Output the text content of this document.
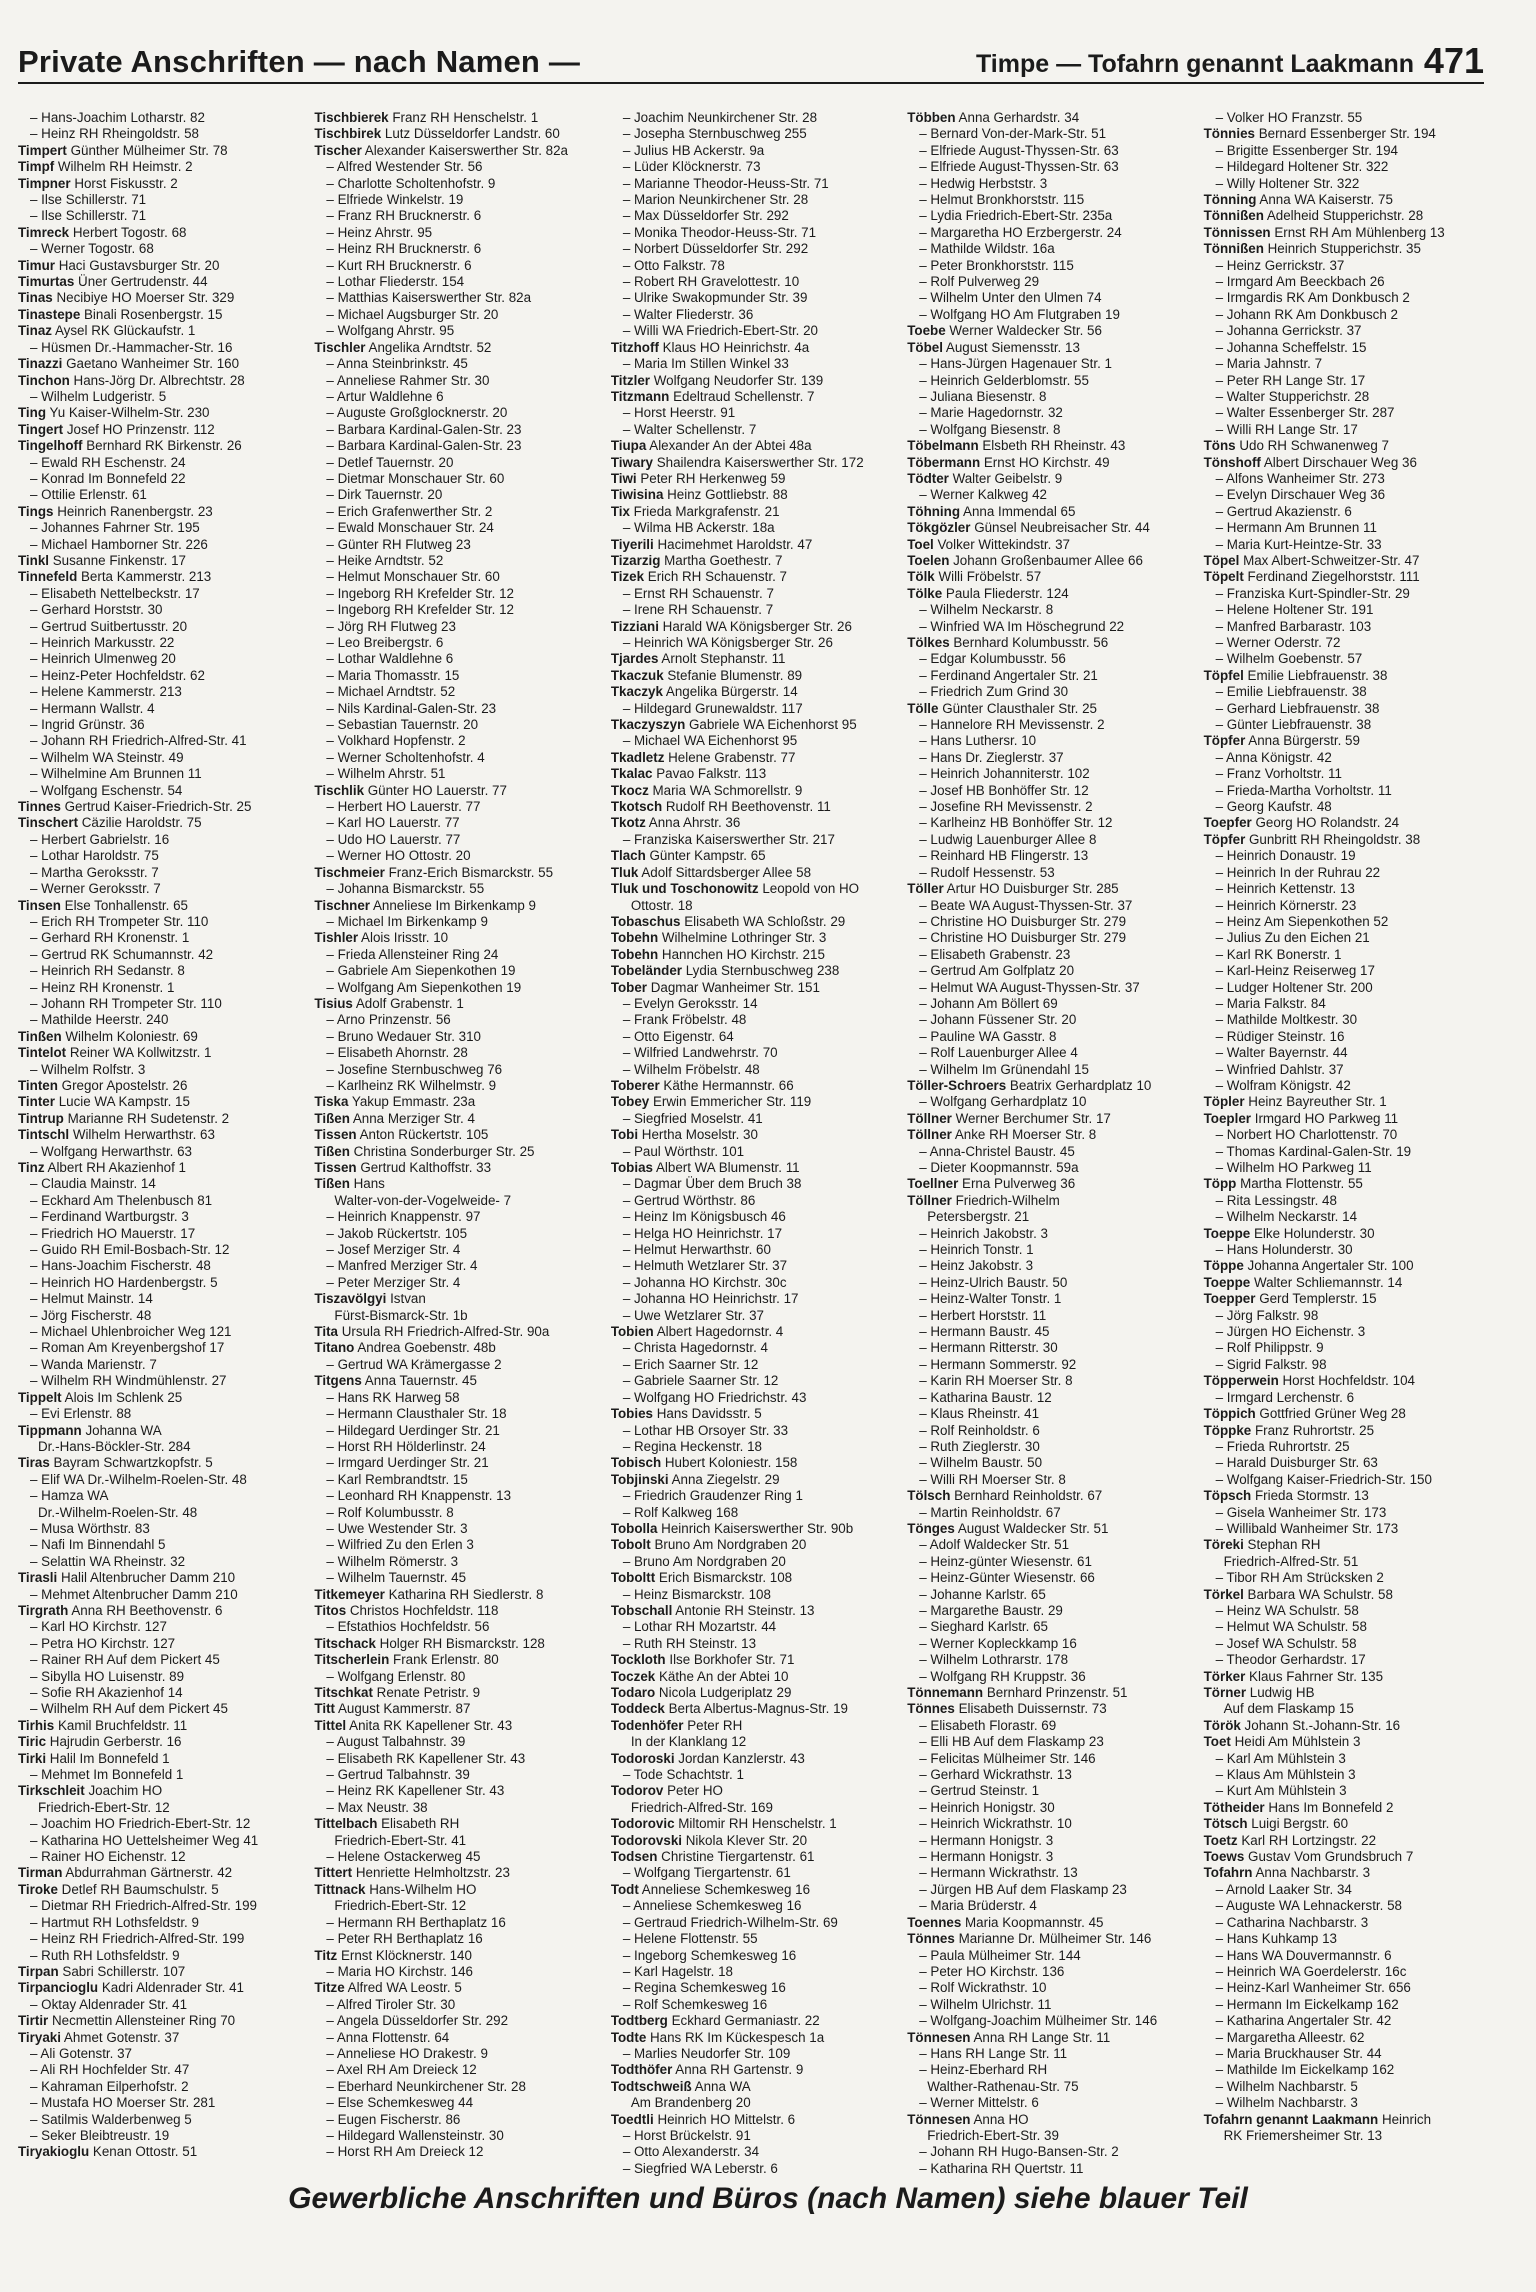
Private Anschriften — nach Namen —	Timpe — Tofahrn genannt Laakmann 471
– Hans-Joachim Lotharstr. 82
– Heinz RH Rheingoldstr. 58
Timpert Günther Mülheimer Str. 78
Timpf Wilhelm RH Heimstr. 2
Timpner Horst Fiskusstr. 2
– Ilse Schillerstr. 71
– Ilse Schillerstr. 71
Timreck Herbert Togostr. 68
– Werner Togostr. 68
Timur Haci Gustavsburger Str. 20
Timurtas Üner Gertrudenstr. 44
Tinas Necibiye HO Moerser Str. 329
Tinastepe Binali Rosenbergstr. 15
Tinaz Aysel RK Glückaufstr. 1
– Hüsmen Dr.-Hammacher-Str. 16
Tinazzi Gaetano Wanheimer Str. 160
Tinchon Hans-Jörg Dr. Albrechtstr. 28
– Wilhelm Ludgeristr. 5
Ting Yu Kaiser-Wilhelm-Str. 230
Tingert Josef HO Prinzenstr. 112
Tingelhoff Bernhard RK Birkenstr. 26
– Ewald RH Eschenstr. 24
– Konrad Im Bonnefeld 22
– Ottilie Erlenstr. 61
Tings Heinrich Ranenbergstr. 23
– Johannes Fahrner Str. 195
– Michael Hamborner Str. 226
Tinkl Susanne Finkenstr. 17
Tinnefeld Berta Kammerstr. 213
– Elisabeth Nettelbeckstr. 17
– Gerhard Horststr. 30
– Gertrud Suitbertusstr. 20
– Heinrich Markusstr. 22
– Heinrich Ulmenweg 20
– Heinz-Peter Hochfeldstr. 62
– Helene Kammerstr. 213
– Hermann Wallstr. 4
– Ingrid Grünstr. 36
– Johann RH Friedrich-Alfred-Str. 41
– Wilhelm WA Steinstr. 49
– Wilhelmine Am Brunnen 11
– Wolfgang Eschenstr. 54
Tinnes Gertrud Kaiser-Friedrich-Str. 25
Tinschert Cäzilie Haroldstr. 75
– Herbert Gabrielstr. 16
– Lothar Haroldstr. 75
– Martha Geroksstr. 7
– Werner Geroksstr. 7
Tinsen Else Tonhallenstr. 65
– Erich RH Trompeter Str. 110
– Gerhard RH Kronenstr. 1
– Gertrud RK Schumannstr. 42
– Heinrich RH Sedanstr. 8
– Heinz RH Kronenstr. 1
– Johann RH Trompeter Str. 110
– Mathilde Heerstr. 240
Tinßen Wilhelm Koloniestr. 69
Tintelot Reiner WA Kollwitzstr. 1
– Wilhelm Rolfstr. 3
Tinten Gregor Apostelstr. 26
Tinter Lucie WA Kampstr. 15
Tintrup Marianne RH Sudetenstr. 2
Tintschl Wilhelm Herwarthstr. 63
– Wolfgang Herwarthstr. 63
Tinz Albert RH Akazienhof 1
– Claudia Mainstr. 14
– Eckhard Am Thelenbusch 81
– Ferdinand Wartburgstr. 3
– Friedrich HO Mauerstr. 17
– Guido RH Emil-Bosbach-Str. 12
– Hans-Joachim Fischerstr. 48
– Heinrich HO Hardenbergstr. 5
– Helmut Mainstr. 14
– Jörg Fischerstr. 48
– Michael Uhlenbroicher Weg 121
– Roman Am Kreyenbergshof 17
– Wanda Marienstr. 7
– Wilhelm RH Windmühlenstr. 27
Tippelt Alois Im Schlenk 25
– Evi Erlenstr. 88
Tippmann Johanna WA
Dr.-Hans-Böckler-Str. 284
Tiras Bayram Schwartzkopfstr. 5
– Elif WA Dr.-Wilhelm-Roelen-Str. 48
– Hamza WA
Dr.-Wilhelm-Roelen-Str. 48
– Musa Wörthstr. 83
– Nafi Im Binnendahl 5
– Selattin WA Rheinstr. 32
Tirasli Halil Altenbrucher Damm 210
– Mehmet Altenbrucher Damm 210
Tirgrath Anna RH Beethovenstr. 6
– Karl HO Kirchstr. 127
– Petra HO Kirchstr. 127
– Rainer RH Auf dem Pickert 45
– Sibylla HO Luisenstr. 89
– Sofie RH Akazienhof 14
– Wilhelm RH Auf dem Pickert 45
Tirhis Kamil Bruchfeldstr. 11
Tiric Hajrudin Gerberstr. 16
Tirki Halil Im Bonnefeld 1
– Mehmet Im Bonnefeld 1
Tirkschleit Joachim HO
Friedrich-Ebert-Str. 12
– Joachim HO Friedrich-Ebert-Str. 12
– Katharina HO Uettelsheimer Weg 41
– Rainer HO Eichenstr. 12
Tirman Abdurrahman Gärtnerstr. 42
Tiroke Detlef RH Baumschulstr. 5
– Dietmar RH Friedrich-Alfred-Str. 199
– Hartmut RH Lothsfeldstr. 9
– Heinz RH Friedrich-Alfred-Str. 199
– Ruth RH Lothsfeldstr. 9
Tirpan Sabri Schillerstr. 107
Tirpancioglu Kadri Aldenrader Str. 41
– Oktay Aldenrader Str. 41
Tirtir Necmettin Allensteiner Ring 70
Tiryaki Ahmet Gotenstr. 37
– Ali Gotenstr. 37
– Ali RH Hochfelder Str. 47
– Kahraman Eilperhofstr. 2
– Mustafa HO Moerser Str. 281
– Satilmis Walderbenweg 5
– Seker Bleibtreustr. 19
Tiryakioglu Kenan Ottostr. 51
Tischbierek Franz RH Henschelstr. 1
Tischbirek Lutz Düsseldorfer Landstr. 60
Tischer Alexander Kaiserswerther Str. 82a
– Alfred Westender Str. 56
– Charlotte Scholtenhofstr. 9
– Elfriede Winkelstr. 19
– Franz RH Brucknerstr. 6
– Heinz Ahrstr. 95
– Heinz RH Brucknerstr. 6
– Kurt RH Brucknerstr. 6
– Lothar Fliederstr. 154
– Matthias Kaiserswerther Str. 82a
– Michael Augsburger Str. 20
– Wolfgang Ahrstr. 95
Tischler Angelika Arndtstr. 52
– Anna Steinbrinkstr. 45
– Anneliese Rahmer Str. 30
– Artur Waldlehne 6
– Auguste Großglocknerstr. 20
– Barbara Kardinal-Galen-Str. 23
– Barbara Kardinal-Galen-Str. 23
– Detlef Tauernstr. 20
– Dietmar Monschauer Str. 60
– Dirk Tauernstr. 20
– Erich Grafenwerther Str. 2
– Ewald Monschauer Str. 24
– Günter RH Flutweg 23
– Heike Arndtstr. 52
– Helmut Monschauer Str. 60
– Ingeborg RH Krefelder Str. 12
– Ingeborg RH Krefelder Str. 12
– Jörg RH Flutweg 23
– Leo Breibergstr. 6
– Lothar Waldlehne 6
– Maria Thomasstr. 15
– Michael Arndtstr. 52
– Nils Kardinal-Galen-Str. 23
– Sebastian Tauernstr. 20
– Volkhard Hopfenstr. 2
– Werner Scholtenhofstr. 4
– Wilhelm Ahrstr. 51
Tischlik Günter HO Lauerstr. 77
– Herbert HO Lauerstr. 77
– Karl HO Lauerstr. 77
– Udo HO Lauerstr. 77
– Werner HO Ottostr. 20
Tischmeier Franz-Erich Bismarckstr. 55
– Johanna Bismarckstr. 55
Tischner Anneliese Im Birkenkamp 9
– Michael Im Birkenkamp 9
Tishler Alois Irisstr. 10
– Frieda Allensteiner Ring 24
– Gabriele Am Siepenkothen 19
– Wolfgang Am Siepenkothen 19
Tisius Adolf Grabenstr. 1
– Arno Prinzenstr. 56
– Bruno Wedauer Str. 310
– Elisabeth Ahornstr. 28
– Josefine Sternbuschweg 76
– Karlheinz RK Wilhelmstr. 9
Tiska Yakup Emmastr. 23a
Tißen Anna Merziger Str. 4
Tissen Anton Rückertstr. 105
Tißen Christina Sonderburger Str. 25
Tissen Gertrud Kalthoffstr. 33
Tißen Hans
Walter-von-der-Vogelweide- 7
– Heinrich Knappenstr. 97
– Jakob Rückertstr. 105
– Josef Merziger Str. 4
– Manfred Merziger Str. 4
– Peter Merziger Str. 4
Tiszavölgyi Istvan
Fürst-Bismarck-Str. 1b
Tita Ursula RH Friedrich-Alfred-Str. 90a
Titano Andrea Goebenstr. 48b
– Gertrud WA Krämergasse 2
Titgens Anna Tauernstr. 45
– Hans RK Harweg 58
– Hermann Clausthaler Str. 18
– Hildegard Uerdinger Str. 21
– Horst RH Hölderlinstr. 24
– Irmgard Uerdinger Str. 21
– Karl Rembrandtstr. 15
– Leonhard RH Knappenstr. 13
– Rolf Kolumbusstr. 8
– Uwe Westender Str. 3
– Wilfried Zu den Erlen 3
– Wilhelm Römerstr. 3
– Wilhelm Tauernstr. 45
Titkemeyer Katharina RH Siedlerstr. 8
Titos Christos Hochfeldstr. 118
– Efstathios Hochfeldstr. 56
Titschack Holger RH Bismarckstr. 128
Titscherlein Frank Erlenstr. 80
– Wolfgang Erlenstr. 80
Titschkat Renate Petristr. 9
Titt August Kammerstr. 87
Tittel Anita RK Kapellener Str. 43
– August Talbahnstr. 39
– Elisabeth RK Kapellener Str. 43
– Gertrud Talbahnstr. 39
– Heinz RK Kapellener Str. 43
– Max Neustr. 38
Tittelbach Elisabeth RH
Friedrich-Ebert-Str. 41
– Helene Ostackerweg 45
Tittert Henriette Helmholtzstr. 23
Tittnack Hans-Wilhelm HO
Friedrich-Ebert-Str. 12
– Hermann RH Berthaplatz 16
– Peter RH Berthaplatz 16
Titz Ernst Klöcknerstr. 140
– Maria HO Kirchstr. 146
Titze Alfred WA Leostr. 5
– Alfred Tiroler Str. 30
– Angela Düsseldorfer Str. 292
– Anna Flottenstr. 64
– Anneliese HO Drakestr. 9
– Axel RH Am Dreieck 12
– Eberhard Neunkirchener Str. 28
– Else Schemkesweg 44
– Eugen Fischerstr. 86
– Hildegard Wallensteinstr. 30
– Horst RH Am Dreieck 12
– Joachim Neunkirchener Str. 28
– Josepha Sternbuschweg 255
– Julius HB Ackerstr. 9a
– Lüder Klöcknerstr. 73
– Marianne Theodor-Heuss-Str. 71
– Marion Neunkirchener Str. 28
– Max Düsseldorfer Str. 292
– Monika Theodor-Heuss-Str. 71
– Norbert Düsseldorfer Str. 292
– Otto Falkstr. 78
– Robert RH Gravelottestr. 10
– Ulrike Swakopmunder Str. 39
– Walter Fliederstr. 36
– Willi WA Friedrich-Ebert-Str. 20
Titzhoff Klaus HO Heinrichstr. 4a
– Maria Im Stillen Winkel 33
Titzler Wolfgang Neudorfer Str. 139
Titzmann Edeltraud Schellenstr. 7
– Horst Heerstr. 91
– Walter Schellenstr. 7
Tiupa Alexander An der Abtei 48a
Tiwary Shailendra Kaiserswerther Str. 172
Tiwi Peter RH Herkenweg 59
Tiwisina Heinz Gottliebstr. 88
Tix Frieda Markgrafenstr. 21
– Wilma HB Ackerstr. 18a
Tiyerili Hacimehmet Haroldstr. 47
Tizarzig Martha Goethestr. 7
Tizek Erich RH Schauenstr. 7
– Ernst RH Schauenstr. 7
– Irene RH Schauenstr. 7
Tizziani Harald WA Königsberger Str. 26
– Heinrich WA Königsberger Str. 26
Tjardes Arnolt Stephanstr. 11
Tkaczuk Stefanie Blumenstr. 89
Tkaczyk Angelika Bürgerstr. 14
– Hildegard Grunewaldstr. 117
Tkaczyszyn Gabriele WA Eichenhorst 95
– Michael WA Eichenhorst 95
Tkadletz Helene Grabenstr. 77
Tkalac Pavao Falkstr. 113
Tkocz Maria WA Schmorellstr. 9
Tkotsch Rudolf RH Beethovenstr. 11
Tkotz Anna Ahrstr. 36
– Franziska Kaiserswerther Str. 217
Tlach Günter Kampstr. 65
Tluk Adolf Sittardsberger Allee 58
Tluk und Toschonowitz Leopold von HO
Ottostr. 18
Tobaschus Elisabeth WA Schloßstr. 29
Tobehn Wilhelmine Lothringer Str. 3
Tobehn Hannchen HO Kirchstr. 215
Tobeländer Lydia Sternbuschweg 238
Tober Dagmar Wanheimer Str. 151
– Evelyn Geroksstr. 14
– Frank Fröbelstr. 48
– Otto Eigenstr. 64
– Wilfried Landwehrstr. 70
– Wilhelm Fröbelstr. 48
Toberer Käthe Hermannstr. 66
Tobey Erwin Emmericher Str. 119
– Siegfried Moselstr. 41
Tobi Hertha Moselstr. 30
– Paul Wörthstr. 101
Tobias Albert WA Blumenstr. 11
– Dagmar Über dem Bruch 38
– Gertrud Wörthstr. 86
– Heinz Im Königsbusch 46
– Helga HO Heinrichstr. 17
– Helmut Herwarthstr. 60
– Helmuth Wetzlarer Str. 37
– Johanna HO Kirchstr. 30c
– Johanna HO Heinrichstr. 17
– Uwe Wetzlarer Str. 37
Tobien Albert Hagedornstr. 4
– Christa Hagedornstr. 4
– Erich Saarner Str. 12
– Gabriele Saarner Str. 12
– Wolfgang HO Friedrichstr. 43
Tobies Hans Davidsstr. 5
– Lothar HB Orsoyer Str. 33
– Regina Heckenstr. 18
Tobisch Hubert Koloniestr. 158
Tobjinski Anna Ziegelstr. 29
– Friedrich Graudenzer Ring 1
– Rolf Kalkweg 168
Tobolla Heinrich Kaiserswerther Str. 90b
Tobolt Bruno Am Nordgraben 20
– Bruno Am Nordgraben 20
Toboltt Erich Bismarckstr. 108
– Heinz Bismarckstr. 108
Tobschall Antonie RH Steinstr. 13
– Lothar RH Mozartstr. 44
– Ruth RH Steinstr. 13
Tockloth Ilse Borkhofer Str. 71
Toczek Käthe An der Abtei 10
Todaro Nicola Ludgeriplatz 29
Toddeck Berta Albertus-Magnus-Str. 19
Todenhöfer Peter RH
In der Klanklang 12
Todoroski Jordan Kanzlerstr. 43
– Tode Schachtstr. 1
Todorov Peter HO
Friedrich-Alfred-Str. 169
Todorovic Miltomir RH Henschelstr. 1
Todorovski Nikola Klever Str. 20
Todsen Christine Tiergartenstr. 61
– Wolfgang Tiergartenstr. 61
Todt Anneliese Schemkesweg 16
– Anneliese Schemkesweg 16
– Gertraud Friedrich-Wilhelm-Str. 69
– Helene Flottenstr. 55
– Ingeborg Schemkesweg 16
– Karl Hagelstr. 18
– Regina Schemkesweg 16
– Rolf Schemkesweg 16
Todtberg Eckhard Germaniastr. 22
Todte Hans RK Im Kückespesch 1a
– Marlies Neudorfer Str. 109
Todthöfer Anna RH Gartenstr. 9
Todtschweiß Anna WA
Am Brandenberg 20
Toedtli Heinrich HO Mittelstr. 6
– Horst Brückelstr. 91
– Otto Alexanderstr. 34
– Siegfried WA Leberstr. 6
Többen Anna Gerhardstr. 34
– Bernard Von-der-Mark-Str. 51
– Elfriede August-Thyssen-Str. 63
– Elfriede August-Thyssen-Str. 63
– Hedwig Herbststr. 3
– Helmut Bronkhorststr. 115
– Lydia Friedrich-Ebert-Str. 235a
– Margaretha HO Erzbergerstr. 24
– Mathilde Wildstr. 16a
– Peter Bronkhorststr. 115
– Rolf Pulverweg 29
– Wilhelm Unter den Ulmen 74
– Wolfgang HO Am Flutgraben 19
Toebe Werner Waldecker Str. 56
Töbel August Siemensstr. 13
– Hans-Jürgen Hagenauer Str. 1
– Heinrich Gelderblomstr. 55
– Juliana Biesenstr. 8
– Marie Hagedornstr. 32
– Wolfgang Biesenstr. 8
Töbelmann Elsbeth RH Rheinstr. 43
Töbermann Ernst HO Kirchstr. 49
Tödter Walter Geibelstr. 9
– Werner Kalkweg 42
Töhning Anna Immendal 65
Tökgözler Günsel Neubreisacher Str. 44
Toel Volker Wittekindstr. 37
Toelen Johann Großenbaumer Allee 66
Tölk Willi Fröbelstr. 57
Tölke Paula Fliederstr. 124
– Wilhelm Neckarstr. 8
– Winfried WA Im Höschegrund 22
Tölkes Bernhard Kolumbusstr. 56
– Edgar Kolumbusstr. 56
– Ferdinand Angertaler Str. 21
– Friedrich Zum Grind 30
Tölle Günter Clausthaler Str. 25
– Hannelore RH Mevissenstr. 2
– Hans Luthersr. 10
– Hans Dr. Zieglerstr. 37
– Heinrich Johanniterstr. 102
– Josef HB Bonhöffer Str. 12
– Josefine RH Mevissenstr. 2
– Karlheinz HB Bonhöffer Str. 12
– Ludwig Lauenburger Allee 8
– Reinhard HB Flingerstr. 13
– Rudolf Hessenstr. 53
Töller Artur HO Duisburger Str. 285
– Beate WA August-Thyssen-Str. 37
– Christine HO Duisburger Str. 279
– Christine HO Duisburger Str. 279
– Elisabeth Grabenstr. 23
– Gertrud Am Golfplatz 20
– Helmut WA August-Thyssen-Str. 37
– Johann Am Böllert 69
– Johann Füssener Str. 20
– Pauline WA Gasstr. 8
– Rolf Lauenburger Allee 4
– Wilhelm Im Grünendahl 15
Töller-Schroers Beatrix Gerhardplatz 10
– Wolfgang Gerhardplatz 10
Töllner Werner Berchumer Str. 17
Töllner Anke RH Moerser Str. 8
– Anna-Christel Baustr. 45
– Dieter Koopmannstr. 59a
Toellner Erna Pulverweg 36
Töllner Friedrich-Wilhelm
Petersbergstr. 21
– Heinrich Jakobstr. 3
– Heinrich Tonstr. 1
– Heinz Jakobstr. 3
– Heinz-Ulrich Baustr. 50
– Heinz-Walter Tonstr. 1
– Herbert Horststr. 11
– Hermann Baustr. 45
– Hermann Ritterstr. 30
– Hermann Sommerstr. 92
– Karin RH Moerser Str. 8
– Katharina Baustr. 12
– Klaus Rheinstr. 41
– Rolf Reinholdstr. 6
– Ruth Zieglerstr. 30
– Wilhelm Baustr. 50
– Willi RH Moerser Str. 8
Tölsch Bernhard Reinholdstr. 67
– Martin Reinholdstr. 67
Tönges August Waldecker Str. 51
– Adolf Waldecker Str. 51
– Heinz-günter Wiesenstr. 61
– Heinz-Günter Wiesenstr. 66
– Johanne Karlstr. 65
– Margarethe Baustr. 29
– Sieghard Karlstr. 65
– Werner Kopleckkamp 16
– Wilhelm Lothrarstr. 178
– Wolfgang RH Kruppstr. 36
Tönnemann Bernhard Prinzenstr. 51
Tönnes Elisabeth Duissernstr. 73
– Elisabeth Florastr. 69
– Elli HB Auf dem Flaskamp 23
– Felicitas Mülheimer Str. 146
– Gerhard Wickrathstr. 13
– Gertrud Steinstr. 1
– Heinrich Honigstr. 30
– Heinrich Wickrathstr. 10
– Hermann Honigstr. 3
– Hermann Honigstr. 3
– Hermann Wickrathstr. 13
– Jürgen HB Auf dem Flaskamp 23
– Maria Brüderstr. 4
Toennes Maria Koopmannstr. 45
Tönnes Marianne Dr. Mülheimer Str. 146
– Paula Mülheimer Str. 144
– Peter HO Kirchstr. 136
– Rolf Wickrathstr. 10
– Wilhelm Ulrichstr. 11
– Wolfgang-Joachim Mülheimer Str. 146
Tönnesen Anna RH Lange Str. 11
– Hans RH Lange Str. 11
– Heinz-Eberhard RH
Walther-Rathenau-Str. 75
– Werner Mittelstr. 6
Tönnesen Anna HO
Friedrich-Ebert-Str. 39
– Johann RH Hugo-Bansen-Str. 2
– Katharina RH Quertstr. 11
– Volker HO Franzstr. 55
Tönnies Bernard Essenberger Str. 194
– Brigitte Essenberger Str. 194
– Hildegard Holtener Str. 322
– Willy Holtener Str. 322
Tönning Anna WA Kaiserstr. 75
Tönnißen Adelheid Stupperichstr. 28
Tönnissen Ernst RH Am Mühlenberg 13
Tönnißen Heinrich Stupperichstr. 35
– Heinz Gerrickstr. 37
– Irmgard Am Beeckbach 26
– Irmgardis RK Am Donkbusch 2
– Johann RK Am Donkbusch 2
– Johanna Gerrickstr. 37
– Johanna Scheffelstr. 15
– Maria Jahnstr. 7
– Peter RH Lange Str. 17
– Walter Stupperichstr. 28
– Walter Essenberger Str. 287
– Willi RH Lange Str. 17
Töns Udo RH Schwanenweg 7
Tönshoff Albert Dirschauer Weg 36
– Alfons Wanheimer Str. 273
– Evelyn Dirschauer Weg 36
– Gertrud Akazienstr. 6
– Hermann Am Brunnen 11
– Maria Kurt-Heintze-Str. 33
Töpel Max Albert-Schweitzer-Str. 47
Töpelt Ferdinand Ziegelhorststr. 111
– Franziska Kurt-Spindler-Str. 29
– Helene Holtener Str. 191
– Manfred Barbarastr. 103
– Werner Oderstr. 72
– Wilhelm Goebenstr. 57
Töpfel Emilie Liebfrauenstr. 38
– Emilie Liebfrauenstr. 38
– Gerhard Liebfrauenstr. 38
– Günter Liebfrauenstr. 38
Töpfer Anna Bürgerstr. 59
– Anna Königstr. 42
– Franz Vorholtstr. 11
– Frieda-Martha Vorholtstr. 11
– Georg Kaufstr. 48
Toepfer Georg HO Rolandstr. 24
Töpfer Gunbritt RH Rheingoldstr. 38
– Heinrich Donaustr. 19
– Heinrich In der Ruhrau 22
– Heinrich Kettenstr. 13
– Heinrich Körnerstr. 23
– Heinz Am Siepenkothen 52
– Julius Zu den Eichen 21
– Karl RK Bonerstr. 1
– Karl-Heinz Reiserweg 17
– Ludger Holtener Str. 200
– Maria Falkstr. 84
– Mathilde Moltkestr. 30
– Rüdiger Steinstr. 16
– Walter Bayernstr. 44
– Winfried Dahlstr. 37
– Wolfram Königstr. 42
Töpler Heinz Bayreuther Str. 1
Toepler Irmgard HO Parkweg 11
– Norbert HO Charlottenstr. 70
– Thomas Kardinal-Galen-Str. 19
– Wilhelm HO Parkweg 11
Töpp Martha Flottenstr. 55
– Rita Lessingstr. 48
– Wilhelm Neckarstr. 14
Toeppe Elke Holunderstr. 30
– Hans Holunderstr. 30
Töppe Johanna Angertaler Str. 100
Toeppe Walter Schliemannstr. 14
Toepper Gerd Templerstr. 15
– Jörg Falkstr. 98
– Jürgen HO Eichenstr. 3
– Rolf Philippstr. 9
– Sigrid Falkstr. 98
Töpperwein Horst Hochfeldstr. 104
– Irmgard Lerchenstr. 6
Töppich Gottfried Grüner Weg 28
Töppke Franz Ruhrortstr. 25
– Frieda Ruhrortstr. 25
– Harald Duisburger Str. 63
– Wolfgang Kaiser-Friedrich-Str. 150
Töpsch Frieda Stormstr. 13
– Gisela Wanheimer Str. 173
– Willibald Wanheimer Str. 173
Töreki Stephan RH
Friedrich-Alfred-Str. 51
– Tibor RH Am Strücksken 2
Törkel Barbara WA Schulstr. 58
– Heinz WA Schulstr. 58
– Helmut WA Schulstr. 58
– Josef WA Schulstr. 58
– Theodor Gerhardstr. 17
Törker Klaus Fahrner Str. 135
Törner Ludwig HB
Auf dem Flaskamp 15
Török Johann St.-Johann-Str. 16
Toet Heidi Am Mühlstein 3
– Karl Am Mühlstein 3
– Klaus Am Mühlstein 3
– Kurt Am Mühlstein 3
Tötheider Hans Im Bonnefeld 2
Tötsch Luigi Bergstr. 60
Toetz Karl RH Lortzingstr. 22
Toews Gustav Vom Grundsbruch 7
Tofahrn Anna Nachbarstr. 3
– Arnold Laaker Str. 34
– Auguste WA Lehnackerstr. 58
– Catharina Nachbarstr. 3
– Hans Kuhkamp 13
– Hans WA Douvermannstr. 6
– Heinrich WA Goerdelerstr. 16c
– Heinz-Karl Wanheimer Str. 656
– Hermann Im Eickelkamp 162
– Katharina Angertaler Str. 42
– Margaretha Alleestr. 62
– Maria Bruckhauser Str. 44
– Mathilde Im Eickelkamp 162
– Wilhelm Nachbarstr. 5
– Wilhelm Nachbarstr. 3
Tofahrn genannt Laakmann Heinrich
RK Friemersheimer Str. 13
Gewerbliche Anschriften und Büros (nach Namen) siehe blauer Teil
